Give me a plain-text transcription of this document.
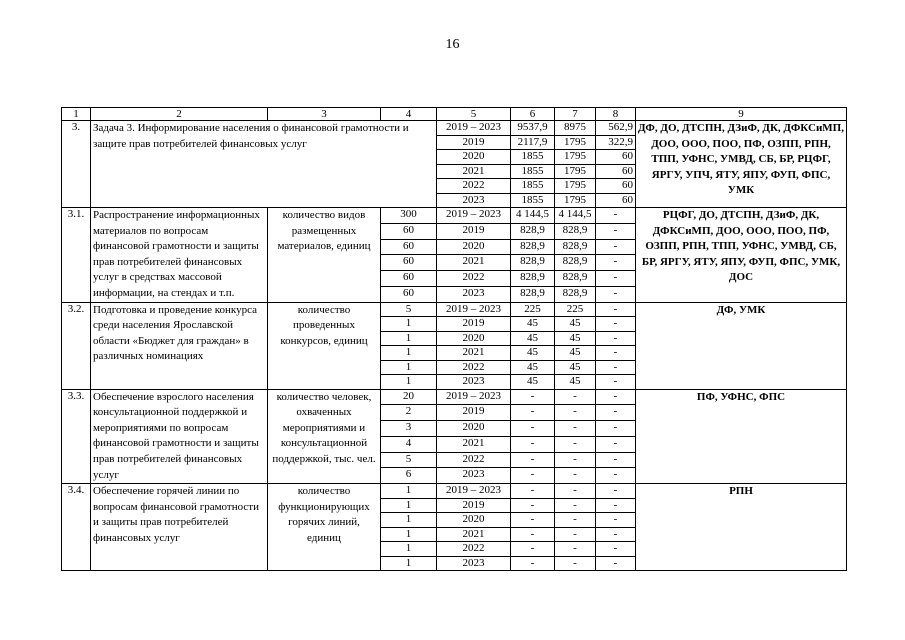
16
1	2	3	4	5	6	7	8	9
3.	Задача 3. Информирование населения о финансовой грамотности и защите прав потребителей финансовых услуг			2019 – 2023	9537,9	8975	562,9	ДФ, ДО, ДТСПН, ДЗиФ, ДК, ДФКСиМП, ДОО, ООО, ПОО, ПФ, ОЗПП, РПН, ТПП, УФНС, УМВД, СБ, БР, РЦФГ, ЯРГУ, УПЧ, ЯТУ, ЯПУ, ФУП, ФПС, УМК
				2019	2117,9	1795	322,9	
				2020	1855	1795	60	
				2021	1855	1795	60	
				2022	1855	1795	60	
				2023	1855	1795	60	
3.1.	Распространение информационных материалов по вопросам финансовой грамотности и защиты прав потребителей финансовых услуг в средствах массовой информации, на стендах и т.п.	количество видов размещенных материалов, единиц	300	2019 – 2023	4 144,5	4 144,5	-	РЦФГ, ДО, ДТСПН, ДЗиФ, ДК, ДФКСиМП, ДОО, ООО, ПОО, ПФ, ОЗПП, РПН, ТПП, УФНС, УМВД, СБ, БР, ЯРГУ, ЯТУ, ЯПУ, ФУП, ФПС, УМК, ДОС
			60	2019	828,9	828,9	-	
			60	2020	828,9	828,9	-	
			60	2021	828,9	828,9	-	
			60	2022	828,9	828,9	-	
			60	2023	828,9	828,9	-	
3.2.	Подготовка и проведение конкурса среди населения Ярославской области «Бюджет для граждан» в различных номинациях	количество проведенных конкурсов, единиц	5	2019 – 2023	225	225	-	ДФ, УМК
			1	2019	45	45	-	
			1	2020	45	45	-	
			1	2021	45	45	-	
			1	2022	45	45	-	
			1	2023	45	45	-	
3.3.	Обеспечение взрослого населения консультационной поддержкой и мероприятиями по вопросам финансовой грамотности и защиты прав потребителей финансовых услуг	количество человек, охваченных мероприятиями и консультационной поддержкой, тыс. чел.	20	2019 – 2023	-	-	-	ПФ, УФНС, ФПС
			2	2019	-	-	-	
			3	2020	-	-	-	
			4	2021	-	-	-	
			5	2022	-	-	-	
			6	2023	-	-	-	
3.4.	Обеспечение горячей линии по вопросам финансовой грамотности и защиты прав потребителей финансовых услуг	количество функционирующих горячих линий, единиц	1	2019 – 2023	-	-	-	РПН
			1	2019	-	-	-	
			1	2020	-	-	-	
			1	2021	-	-	-	
			1	2022	-	-	-	
			1	2023	-	-	-	
